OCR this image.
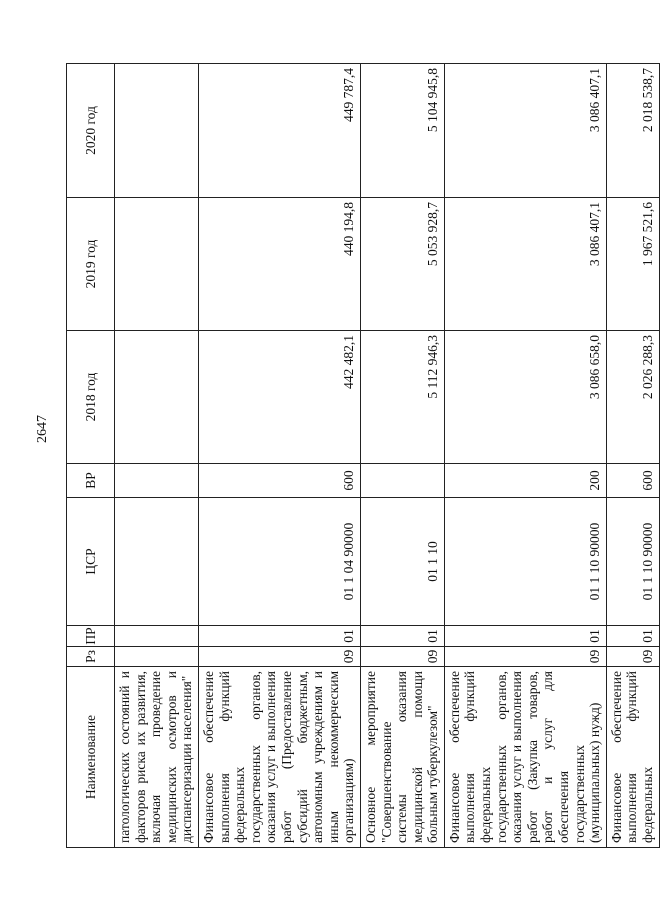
2647
Наименование	Рз	ПР	ЦСР	ВР	2018 год	2019 год	2020 год
патологических состояний и факторов риска их развития, включая проведение медицинских осмотров и диспансеризации населения"							
Финансовое обеспечение выполнения функций федеральных государственных органов, оказания услуг и выполнения работ (Предоставление субсидий бюджетным, автономным учреждениям и иным некоммерческим организациям)	09	01	01 1 04 90000	600	442 482,1	440 194,8	449 787,4
Основное мероприятие "Совершенствование системы оказания медицинской помощи больным туберкулезом"	09	01	01 1 10		5 112 946,3	5 053 928,7	5 104 945,8
Финансовое обеспечение выполнения функций федеральных государственных органов, оказания услуг и выполнения работ (Закупка товаров, работ и услуг для обеспечения государственных (муниципальных) нужд)	09	01	01 1 10 90000	200	3 086 658,0	3 086 407,1	3 086 407,1
Финансовое обеспечение выполнения функций федеральных	09	01	01 1 10 90000	600	2 026 288,3	1 967 521,6	2 018 538,7
